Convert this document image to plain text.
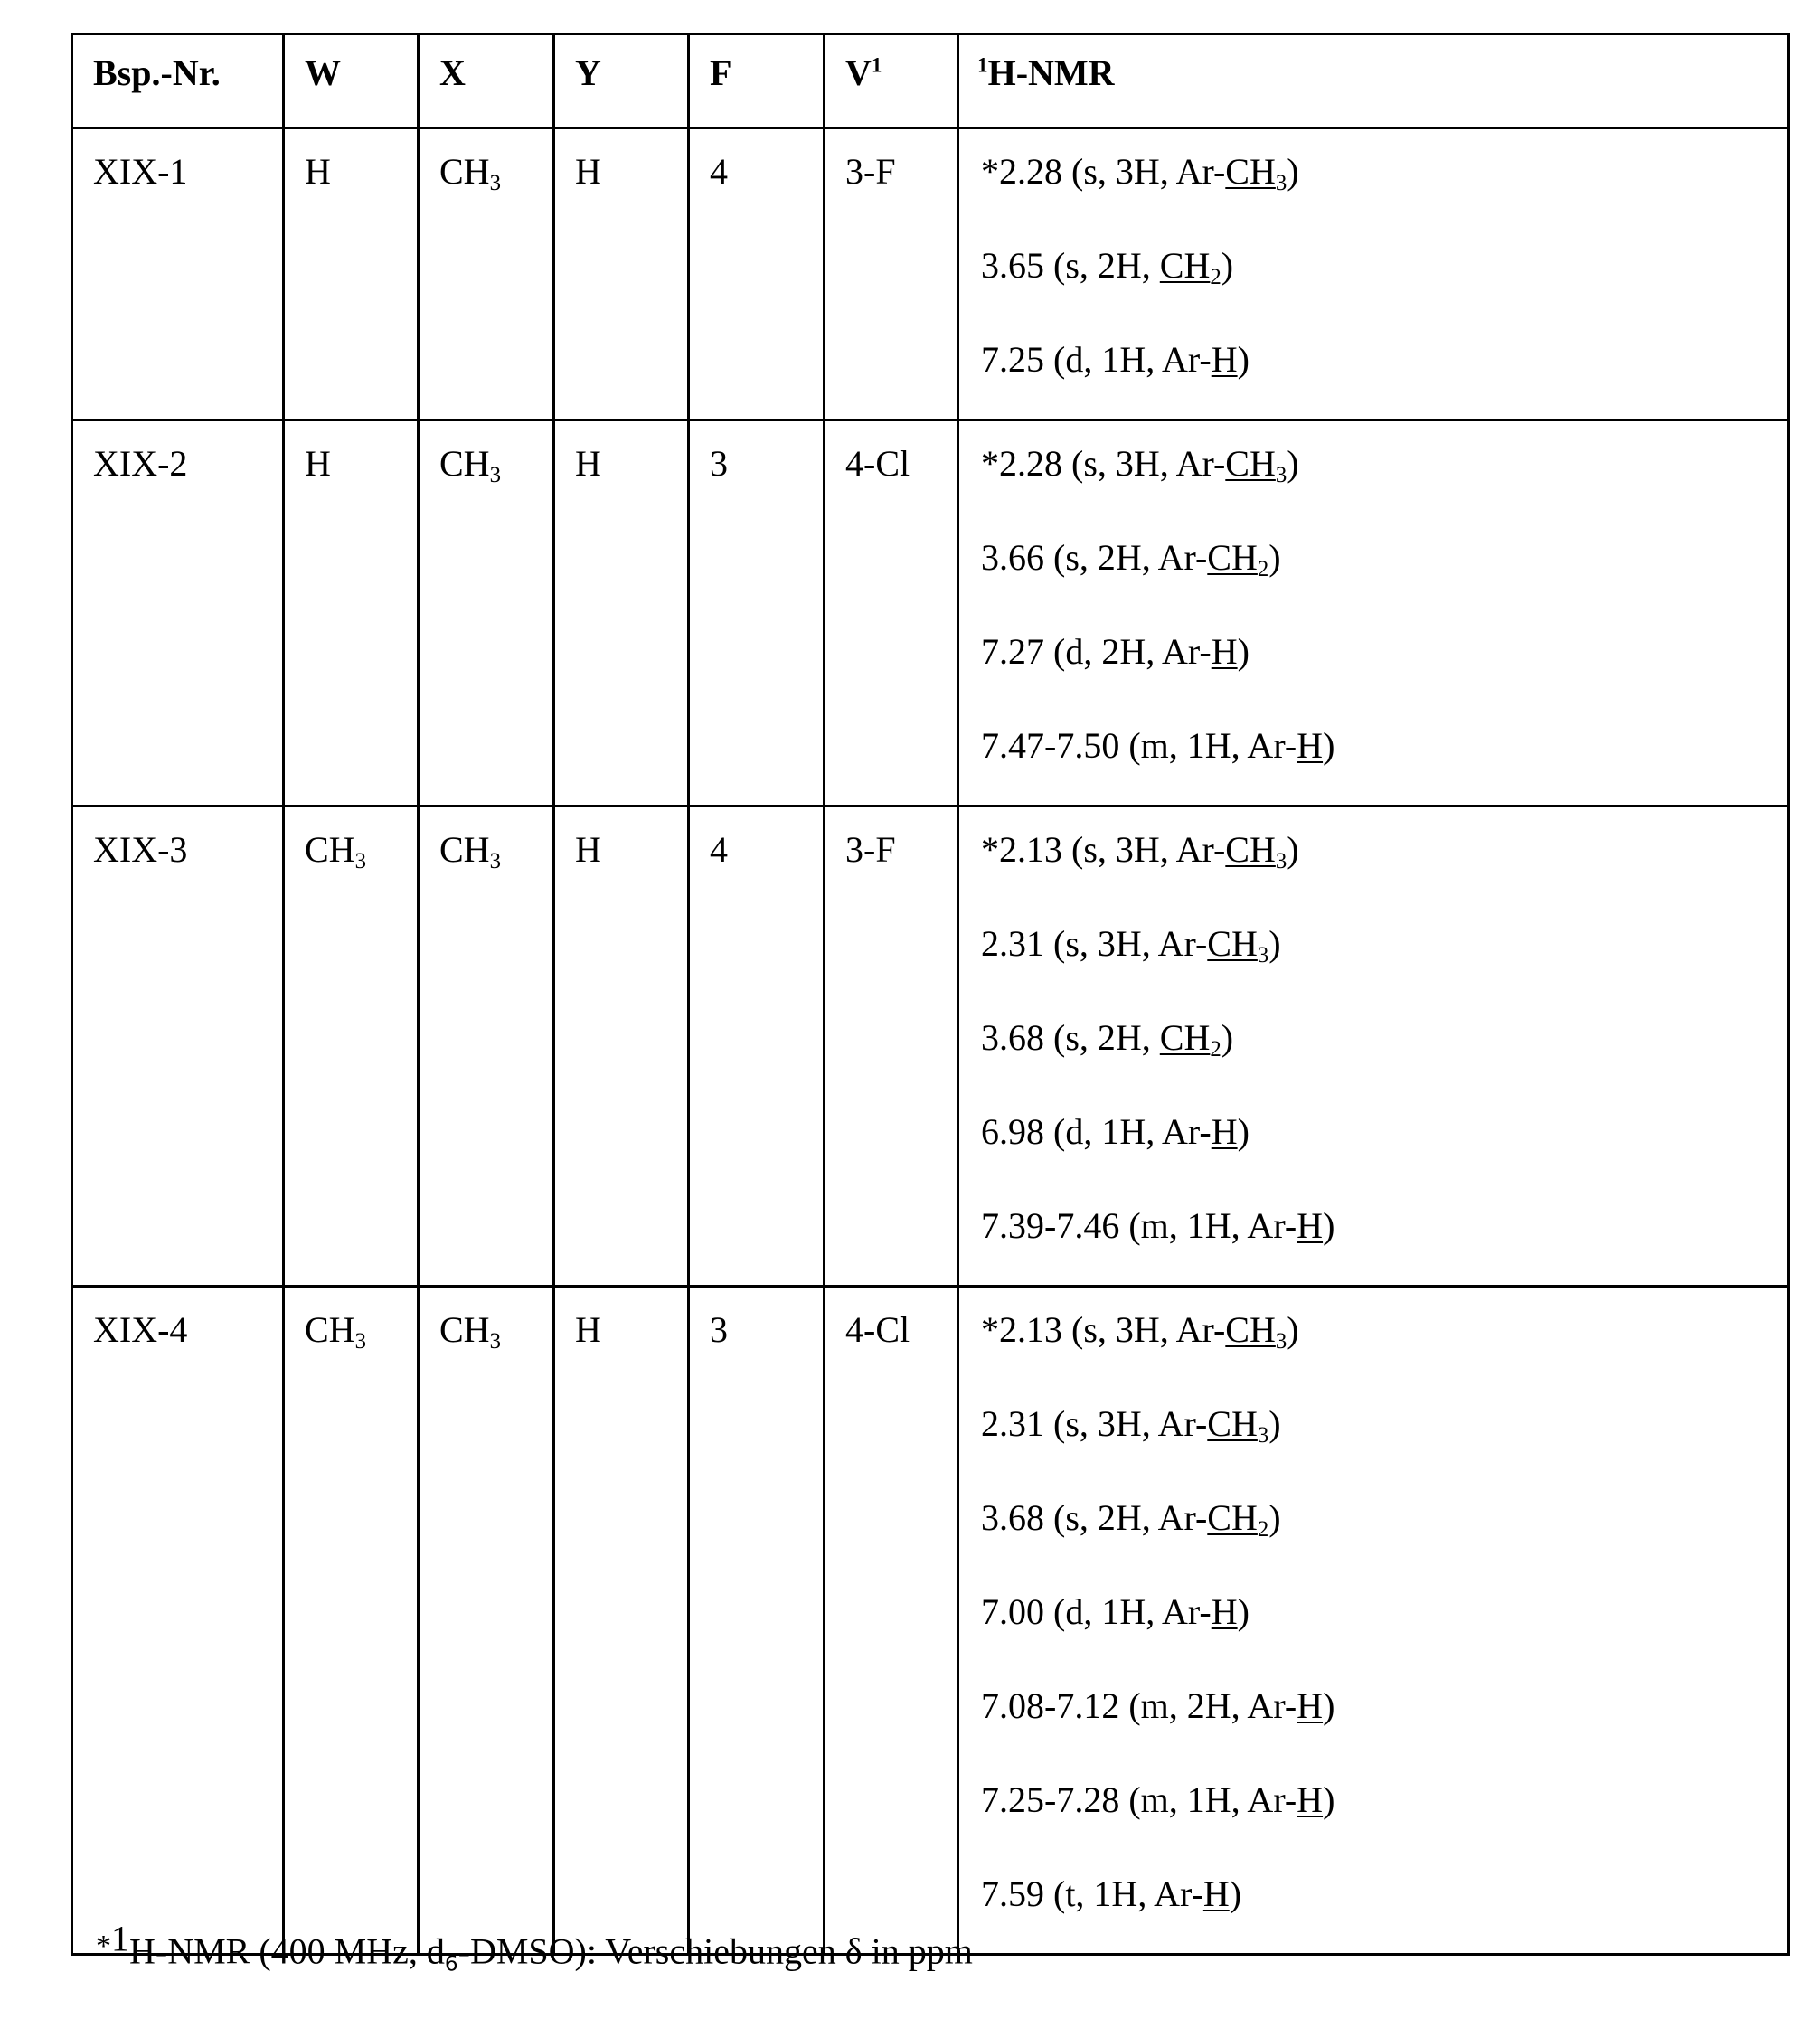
Bsp.-Nr.	W	X	Y	F	$V^1$	$^1$H-NMR
XIX-1	H	$CH_3$	H	4	3-F	*2.28 (s, 3H, $Ar-CH_3$)
3.65 (s, 2H, $CH_2$)
7.25 (d, 1H, Ar-H)

XIX-2	H	$CH_3$	H	3	4-Cl	*2.28 (s, 3H, $Ar-CH_3$)
3.66 (s, 2H, $Ar-CH_2$)
7.27 (d, 2H, Ar-H)
7.47-7.50 (m, 1H, Ar-H)

XIX-3	$CH_3$	$CH_3$	H	4	3-F	*2.13 (s, 3H, $Ar-CH_3$)
2.31 (s, 3H, $Ar-CH_3$)
3.68 (s, 2H, $CH_2$)
6.98 (d, 1H, Ar-H)
7.39-7.46 (m, 1H, Ar-H)

XIX-4	$CH_3$	$CH_3$	H	3	4-Cl	*2.13 (s, 3H, $Ar-CH_3$)
2.31 (s, 3H, $Ar-CH_3$)
3.68 (s, 2H, $Ar-CH_2$)
7.00 (d, 1H, Ar-H)
7.08-7.12 (m, 2H, Ar-H)
7.25-7.28 (m, 1H, Ar-H)
7.59 (t, 1H, Ar-H)
*1H-NMR (400 MHz, $d_6-DMSO$): Verschiebungen δ in ppm
